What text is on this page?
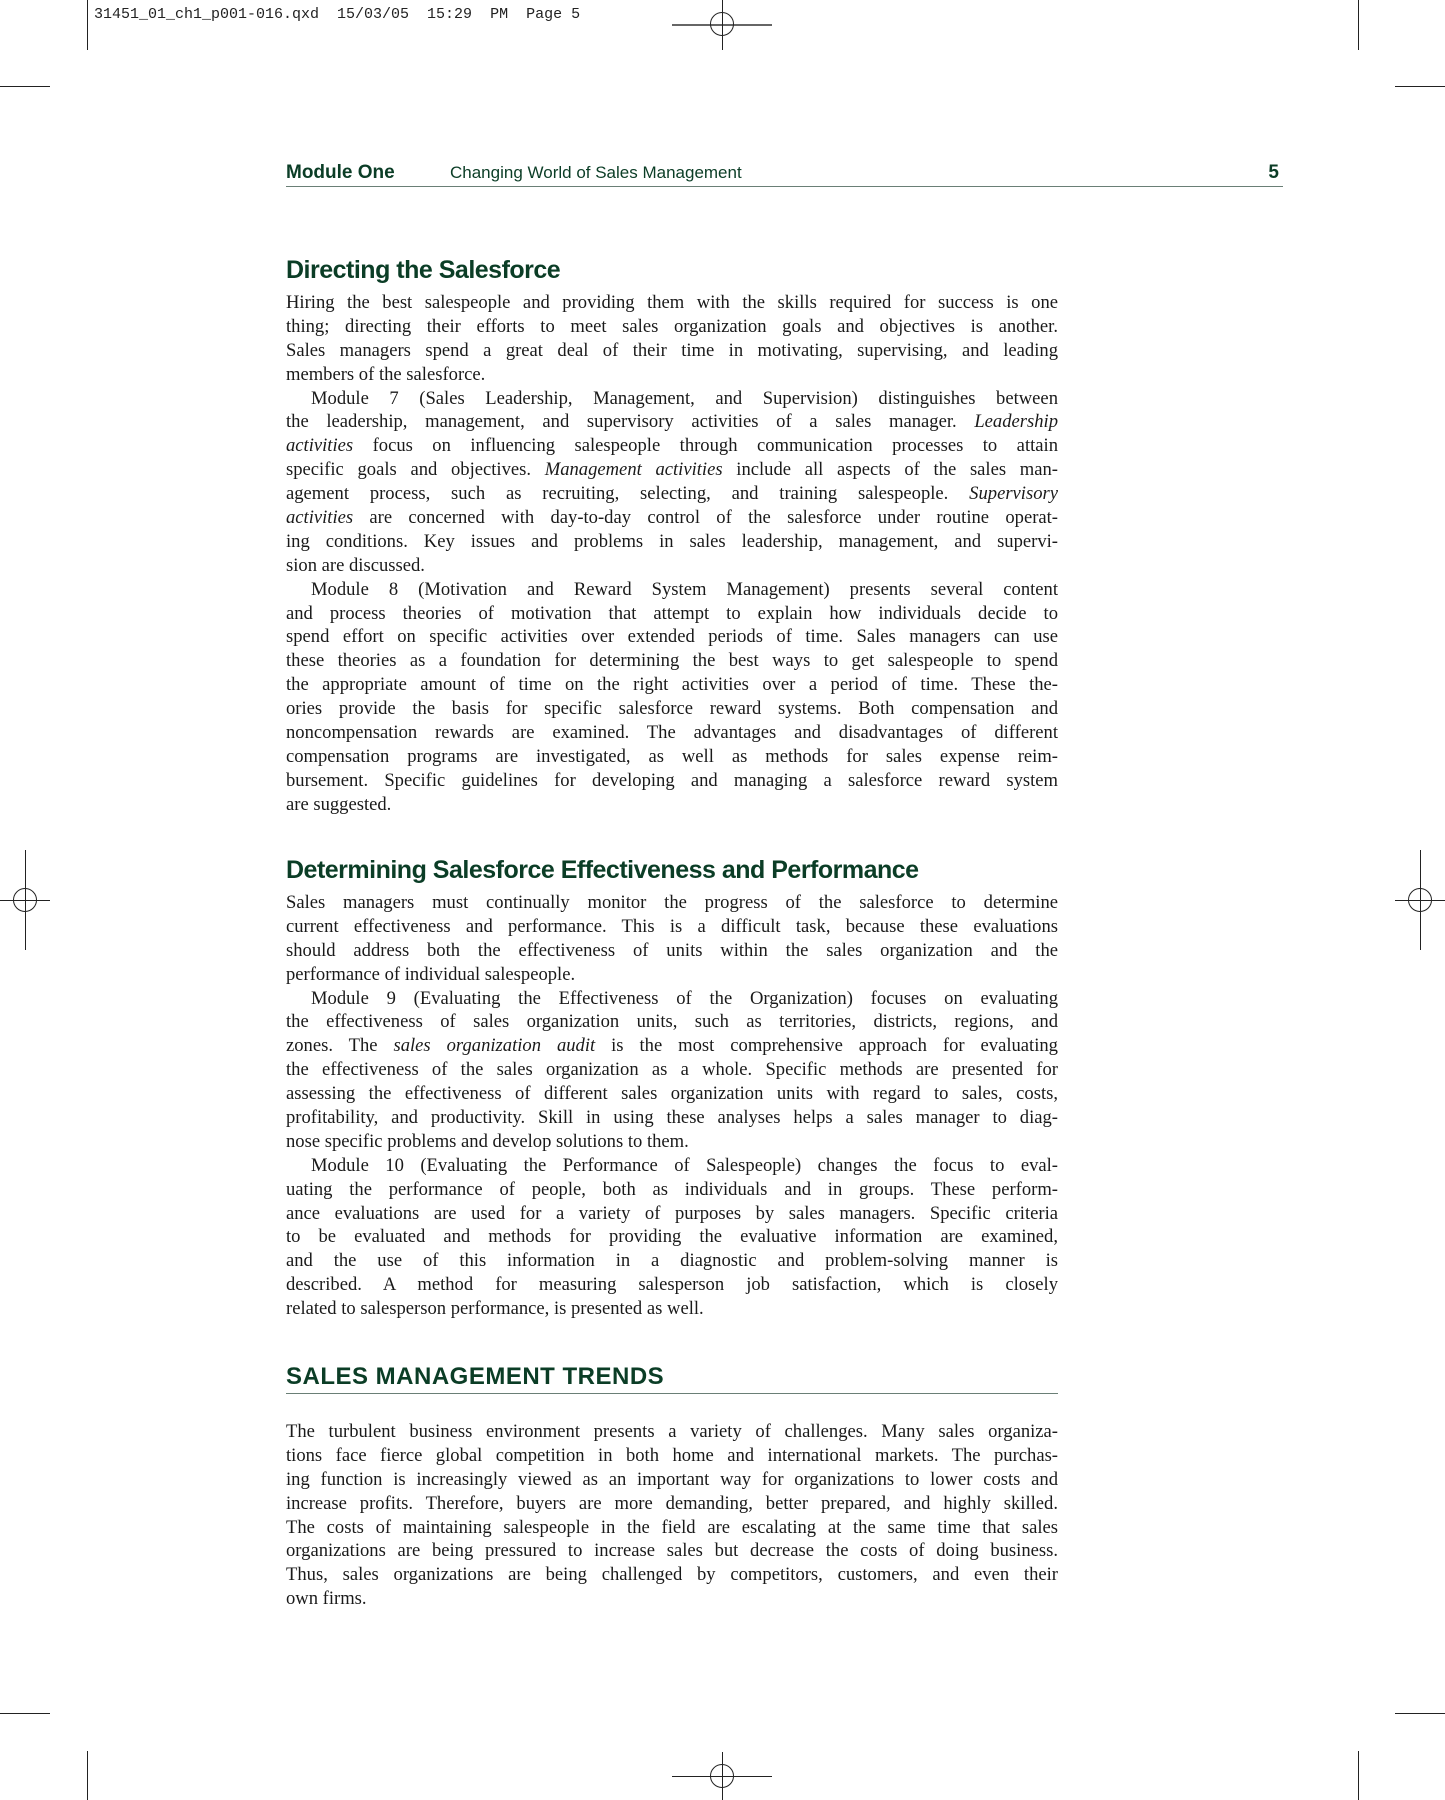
31451_01_ch1_p001-016.qxd  15/03/05  15:29  PM  Page 5
Module One	Changing World of Sales Management	5
Directing the Salesforce
Hiring the best salespeople and providing them with the skills required for success is one
thing; directing their efforts to meet sales organization goals and objectives is another.
Sales managers spend a great deal of their time in motivating, supervising, and leading
members of the salesforce.
Module 7 (Sales Leadership, Management, and Supervision) distinguishes between
the leadership, management, and supervisory activities of a sales manager. Leadership
activities focus on influencing salespeople through communication processes to attain
specific goals and objectives. Management activities include all aspects of the sales man-
agement process, such as recruiting, selecting, and training salespeople. Supervisory
activities are concerned with day-to-day control of the salesforce under routine operat-
ing conditions. Key issues and problems in sales leadership, management, and supervi-
sion are discussed.
Module 8 (Motivation and Reward System Management) presents several content
and process theories of motivation that attempt to explain how individuals decide to
spend effort on specific activities over extended periods of time. Sales managers can use
these theories as a foundation for determining the best ways to get salespeople to spend
the appropriate amount of time on the right activities over a period of time. These the-
ories provide the basis for specific salesforce reward systems. Both compensation and
noncompensation rewards are examined. The advantages and disadvantages of different
compensation programs are investigated, as well as methods for sales expense reim-
bursement. Specific guidelines for developing and managing a salesforce reward system
are suggested.
Determining Salesforce Effectiveness and Performance
Sales managers must continually monitor the progress of the salesforce to determine
current effectiveness and performance. This is a difficult task, because these evaluations
should address both the effectiveness of units within the sales organization and the
performance of individual salespeople.
Module 9 (Evaluating the Effectiveness of the Organization) focuses on evaluating
the effectiveness of sales organization units, such as territories, districts, regions, and
zones. The sales organization audit is the most comprehensive approach for evaluating
the effectiveness of the sales organization as a whole. Specific methods are presented for
assessing the effectiveness of different sales organization units with regard to sales, costs,
profitability, and productivity. Skill in using these analyses helps a sales manager to diag-
nose specific problems and develop solutions to them.
Module 10 (Evaluating the Performance of Salespeople) changes the focus to eval-
uating the performance of people, both as individuals and in groups. These perform-
ance evaluations are used for a variety of purposes by sales managers. Specific criteria
to be evaluated and methods for providing the evaluative information are examined,
and the use of this information in a diagnostic and problem-solving manner is
described. A method for measuring salesperson job satisfaction, which is closely
related to salesperson performance, is presented as well.
SALES MANAGEMENT TRENDS
The turbulent business environment presents a variety of challenges. Many sales organiza-
tions face fierce global competition in both home and international markets. The purchas-
ing function is increasingly viewed as an important way for organizations to lower costs and
increase profits. Therefore, buyers are more demanding, better prepared, and highly skilled.
The costs of maintaining salespeople in the field are escalating at the same time that sales
organizations are being pressured to increase sales but decrease the costs of doing business.
Thus, sales organizations are being challenged by competitors, customers, and even their
own firms.
